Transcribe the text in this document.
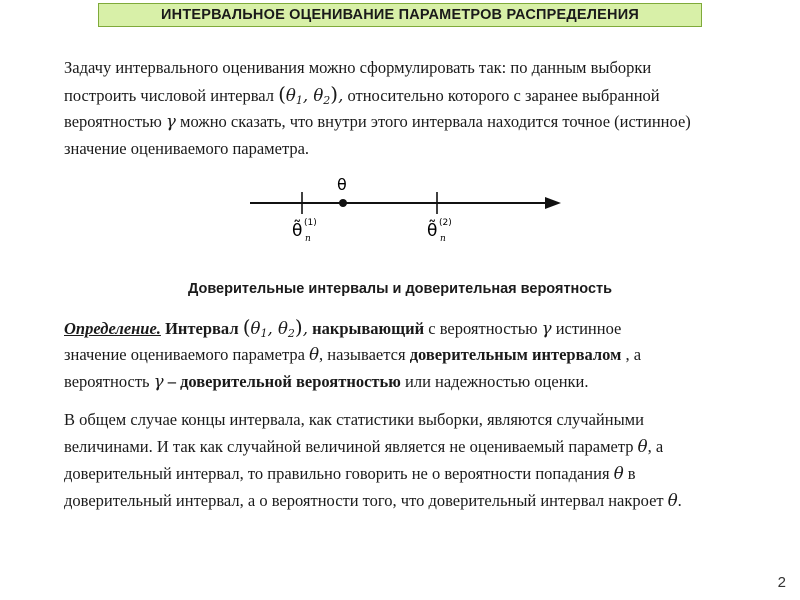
ИНТЕРВАЛЬНОЕ ОЦЕНИВАНИЕ ПАРАМЕТРОВ РАСПРЕДЕЛЕНИЯ
Задачу интервального оценивания можно сформулировать так: по данным выборки
построить числовой интервал ($\theta_1$, $\theta_2$), относительно которого с заранее выбранной
вероятностью γ можно сказать, что внутри этого интервала находится точное (истинное)
значение оцениваемого параметра.
θ
θ̃ (1)
n	θ̃ (2)
n
Доверительные интервалы и доверительная вероятность
Определение. Интервал ($\theta_1$, $\theta_2$), накрывающий с вероятностью γ истинное
значение оцениваемого параметра θ, называется доверительным интервалом , а
вероятность γ – доверительной вероятностью или надежностью оценки.
В общем случае концы интервала, как статистики выборки, являются случайными
величинами. И так как случайной величиной является не оцениваемый параметр θ, а
доверительный интервал, то правильно говорить не о вероятности попадания θ в
доверительный интервал, а о вероятности того, что доверительный интервал накроет θ.
2
